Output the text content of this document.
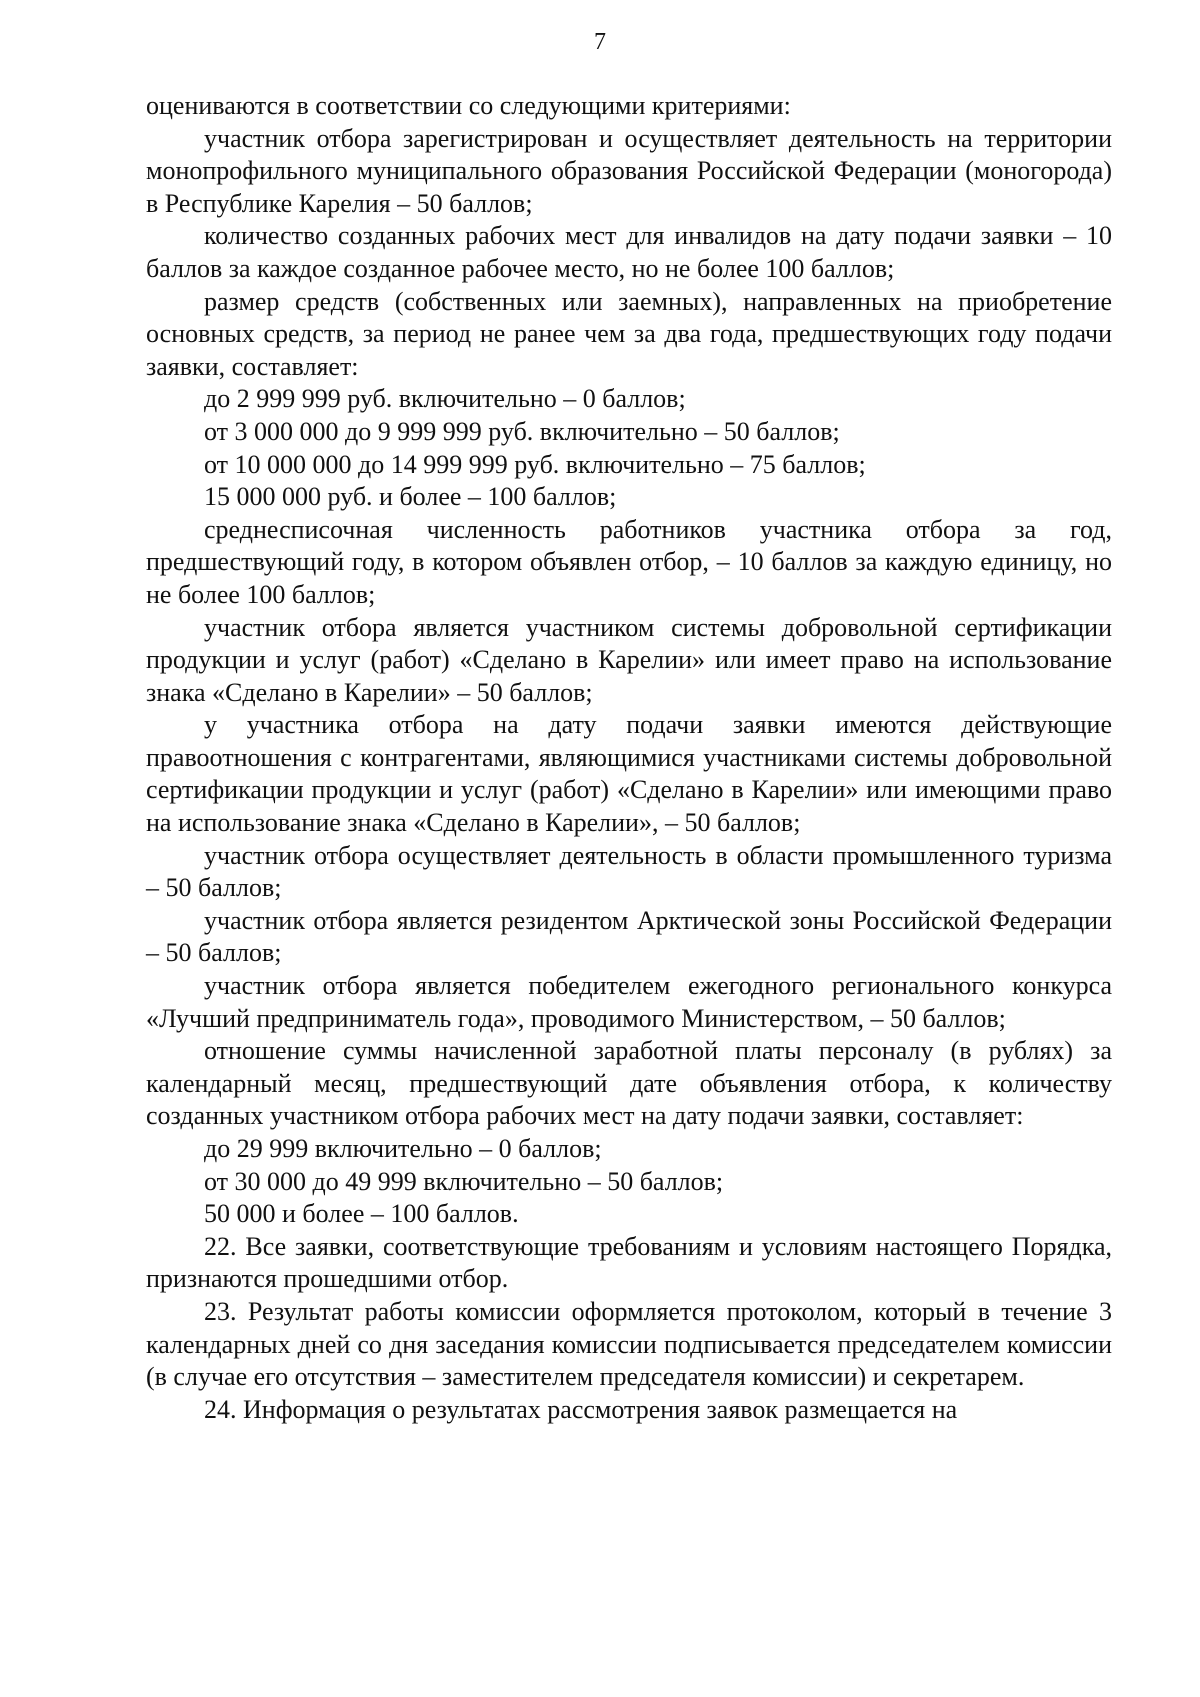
7

оцениваются в соответствии со следующими критериями:

участник отбора зарегистрирован и осуществляет деятельность на территории монопрофильного муниципального образования Российской Федерации (моногорода) в Республике Карелия – 50 баллов;

количество созданных рабочих мест для инвалидов на дату подачи заявки – 10 баллов за каждое созданное рабочее место, но не более 100 баллов;

размер средств (собственных или заемных), направленных на приобретение основных средств, за период не ранее чем за два года, предшествующих году подачи заявки, составляет:

до 2 999 999 руб. включительно – 0 баллов;

от 3 000 000 до 9 999 999 руб. включительно – 50 баллов;

от 10 000 000 до 14 999 999 руб. включительно – 75 баллов;

15 000 000 руб. и более – 100 баллов;

среднесписочная численность работников участника отбора за год, предшествующий году, в котором объявлен отбор, – 10 баллов за каждую единицу, но не более 100 баллов;

участник отбора является участником системы добровольной сертификации продукции и услуг (работ) «Сделано в Карелии» или имеет право на использование знака «Сделано в Карелии» – 50 баллов;

у участника отбора на дату подачи заявки имеются действующие правоотношения с контрагентами, являющимися участниками системы добровольной сертификации продукции и услуг (работ) «Сделано в Карелии» или имеющими право на использование знака «Сделано в Карелии», – 50 баллов;

участник отбора осуществляет деятельность в области промышленного туризма – 50 баллов;

участник отбора является резидентом Арктической зоны Российской Федерации – 50 баллов;

участник отбора является победителем ежегодного регионального конкурса «Лучший предприниматель года», проводимого Министерством, – 50 баллов;

отношение суммы начисленной заработной платы персоналу (в рублях) за календарный месяц, предшествующий дате объявления отбора, к количеству созданных участником отбора рабочих мест на дату подачи заявки, составляет:

до 29 999 включительно – 0 баллов;

от 30 000 до 49 999 включительно – 50 баллов;

50 000 и более – 100 баллов.

22. Все заявки, соответствующие требованиям и условиям настоящего Порядка, признаются прошедшими отбор.

23. Результат работы комиссии оформляется протоколом, который в течение 3 календарных дней со дня заседания комиссии подписывается председателем комиссии (в случае его отсутствия – заместителем председателя комиссии) и секретарем.

24. Информация о результатах рассмотрения заявок размещается на
